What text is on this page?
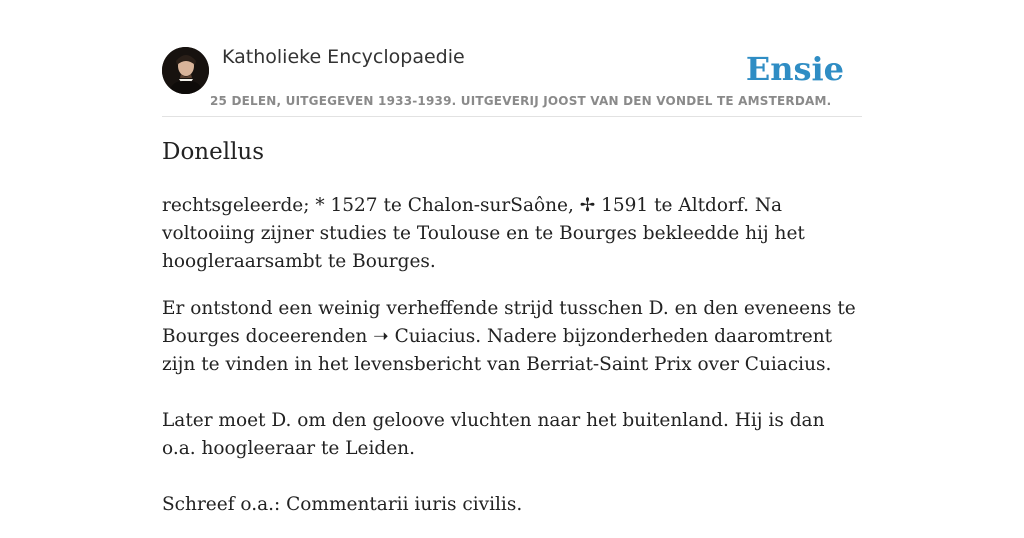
Katholieke Encyclopaedie
25 DELEN, UITGEGEVEN 1933-1939. UITGEVERIJ JOOST VAN DEN VONDEL TE AMSTERDAM.
Ensie
Donellus

rechtsgeleerde; * 1527 te Chalon-surSaône, ✢ 1591 te Altdorf. Na voltooiing zijner studies te Toulouse en te Bourges bekleedde hij het hoogleraarsambt te Bourges.

Er ontstond een weinig verheffende strijd tusschen D. en den eveneens te Bourges doceerenden ➝ Cuiacius. Nadere bijzonderheden daaromtrent zijn te vinden in het levensbericht van Berriat-Saint Prix over Cuiacius.

Later moet D. om den geloove vluchten naar het buitenland. Hij is dan o.a. hoogleeraar te Leiden.

Schreef o.a.: Commentarii iuris civilis.
